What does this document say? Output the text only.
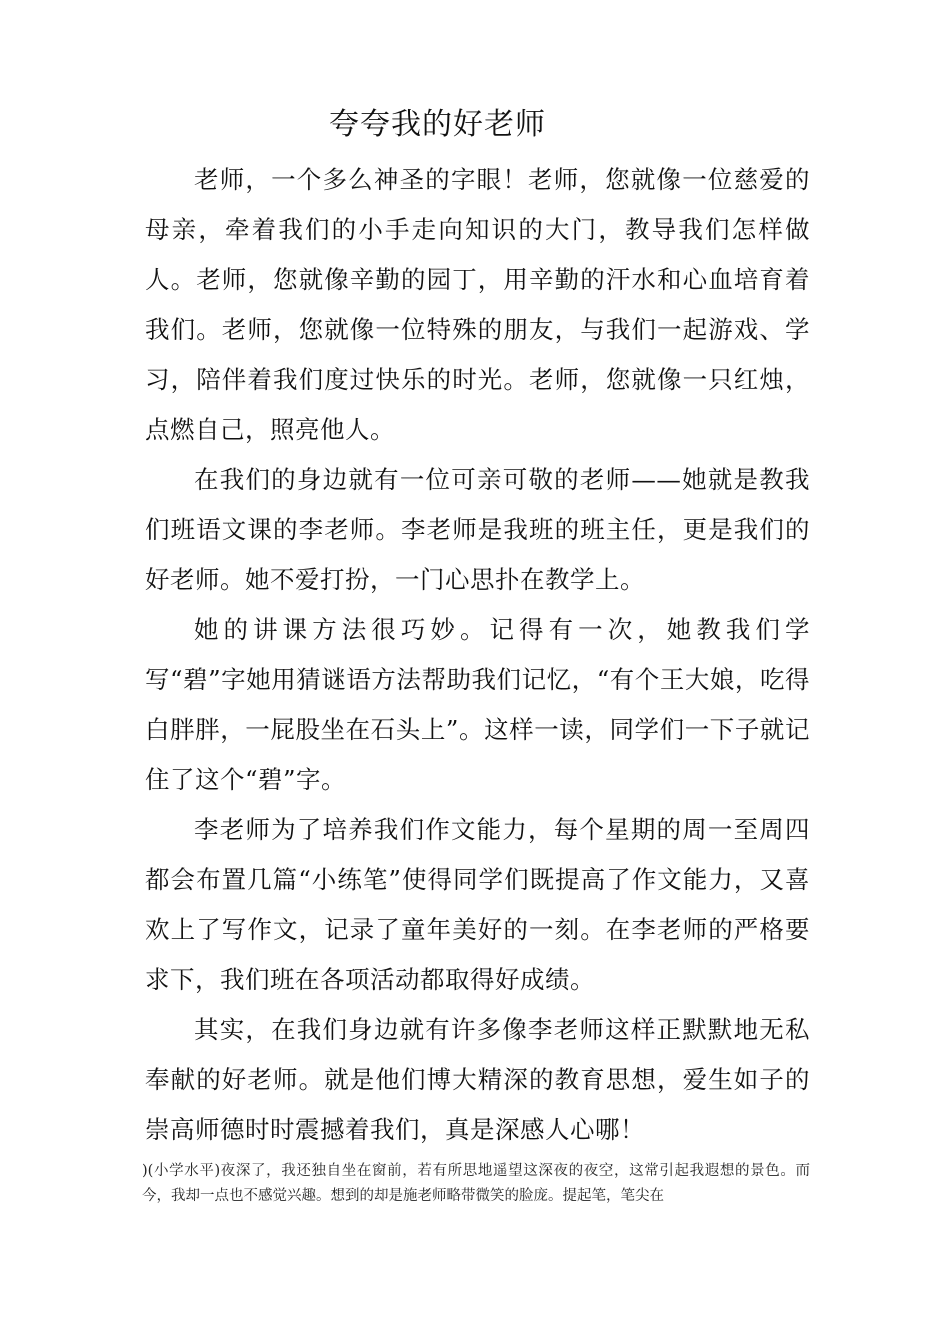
夸夸我的好老师

老师，一个多么神圣的字眼！老师，您就像一位慈爱的母亲，牵着我们的小手走向知识的大门，教导我们怎样做人。老师，您就像辛勤的园丁，用辛勤的汗水和心血培育着我们。老师，您就像一位特殊的朋友，与我们一起游戏、学习，陪伴着我们度过快乐的时光。老师，您就像一只红烛，点燃自己，照亮他人。

在我们的身边就有一位可亲可敬的老师——她就是教我们班语文课的李老师。李老师是我班的班主任，更是我们的好老师。她不爱打扮，一门心思扑在教学上。

她的讲课方法很巧妙。记得有一次，她教我们学写“碧”字她用猜谜语方法帮助我们记忆，“有个王大娘，吃得白胖胖，一屁股坐在石头上”。这样一读，同学们一下子就记住了这个“碧”字。

李老师为了培养我们作文能力，每个星期的周一至周四都会布置几篇“小练笔”使得同学们既提高了作文能力，又喜欢上了写作文，记录了童年美好的一刻。在李老师的严格要求下，我们班在各项活动都取得好成绩。

其实，在我们身边就有许多像李老师这样正默默地无私奉献的好老师。就是他们博大精深的教育思想，爱生如子的崇高师德时时震撼着我们，真是深感人心哪！

)(小学水平)夜深了，我还独自坐在窗前，若有所思地遥望这深夜的夜空，这常引起我遐想的景色。而今，我却一点也不感觉兴趣。想到的却是施老师略带微笑的脸庞。提起笔，笔尖在
